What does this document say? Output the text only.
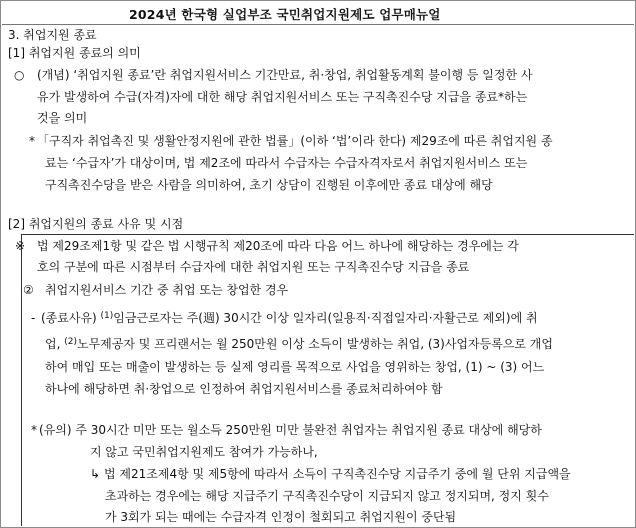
2024년 한국형 실업부조 국민취업지원제도 업무매뉴얼
3. 취업지원 종료
[1] 취업지원 종료의 의미
○ (개념) ‘취업지원 종료’란 취업지원서비스 기간만료, 취·창업, 취업활동계획 불이행 등 일정한 사
유가 발생하여 수급(자격)자에 대한 해당 취업지원서비스 또는 구직촉진수당 지급을 종료*하는
것을 의미
* 「구직자 취업촉진 및 생활안정지원에 관한 법률」(이하 ‘법’이라 한다) 제29조에 따른 취업지원 종
료는 ‘수급자’가 대상이며, 법 제2조에 따라서 수급자는 수급자격자로서 취업지원서비스 또는
구직촉진수당을 받은 사람을 의미하여, 초기 상담이 진행된 이후에만 종료 대상에 해당
[2] 취업지원의 종료 사유 및 시점
※ 법 제29조제1항 및 같은 법 시행규칙 제20조에 따라 다음 어느 하나에 해당하는 경우에는 각
호의 구분에 따른 시점부터 수급자에 대한 취업지원 또는 구직촉진수당 지급을 종료
② 취업지원서비스 기간 중 취업 또는 창업한 경우
- (종료사유) $^{(1)}$임금근로자는 주(週) 30시간 이상 일자리(일용직·직접일자리·자활근로 제외)에 취
업, $^{(2)}$노무제공자 및 프리랜서는 월 250만원 이상 소득이 발생하는 취업, (3)사업자등록으로 개업
하여 매입 또는 매출이 발생하는 등 실제 영리를 목적으로 사업을 영위하는 창업, (1) ~ (3) 어느
하나에 해당하면 취·창업으로 인정하여 취업지원서비스를 종료처리하여야 함
* (유의) 주 30시간 미만 또는 월소득 250만원 미만 불완전 취업자는 취업지원 종료 대상에 해당하
지 않고 국민취업지원제도 참여가 가능하나,
↳ 법 제21조제4항 및 제5항에 따라서 소득이 구직촉진수당 지급주기 중에 월 단위 지급액을
초과하는 경우에는 해당 지급주기 구직촉진수당이 지급되지 않고 정지되며, 정지 횟수
가 3회가 되는 때에는 수급자격 인정이 철회되고 취업지원이 중단됨
